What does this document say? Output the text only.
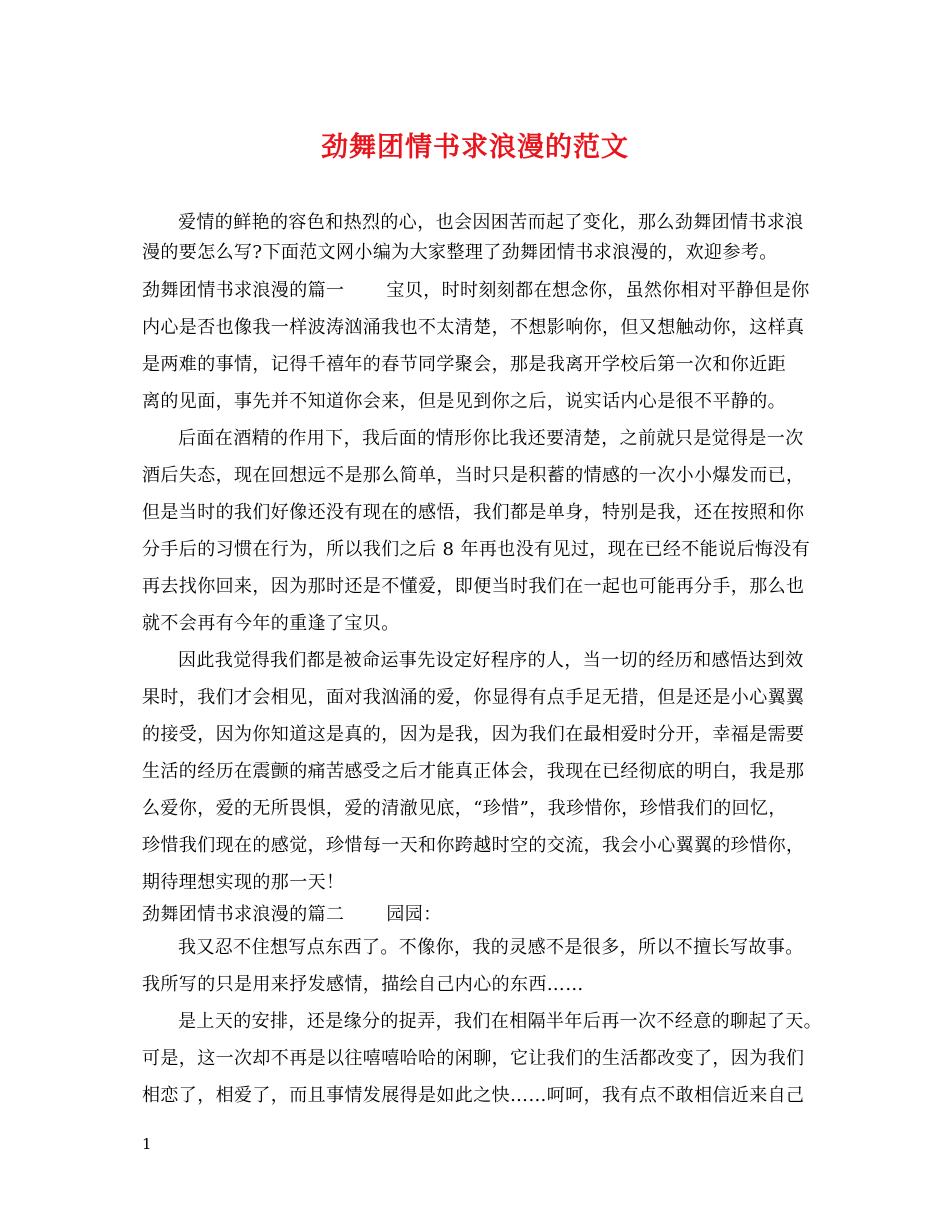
劲舞团情书求浪漫的范文
爱情的鲜艳的容色和热烈的心，也会因困苦而起了变化，那么劲舞团情书求浪
漫的要怎么写?下面范文网小编为大家整理了劲舞团情书求浪漫的，欢迎参考。
劲舞团情书求浪漫的篇一 宝贝，时时刻刻都在想念你，虽然你相对平静但是你
内心是否也像我一样波涛汹涌我也不太清楚，不想影响你，但又想触动你，这样真
是两难的事情，记得千禧年的春节同学聚会，那是我离开学校后第一次和你近距
离的见面，事先并不知道你会来，但是见到你之后，说实话内心是很不平静的。
后面在酒精的作用下，我后面的情形你比我还要清楚，之前就只是觉得是一次
酒后失态，现在回想远不是那么简单，当时只是积蓄的情感的一次小小爆发而已，
但是当时的我们好像还没有现在的感悟，我们都是单身，特别是我，还在按照和你
分手后的习惯在行为，所以我们之后 8 年再也没有见过，现在已经不能说后悔没有
再去找你回来，因为那时还是不懂爱，即便当时我们在一起也可能再分手，那么也
就不会再有今年的重逢了宝贝。
因此我觉得我们都是被命运事先设定好程序的人，当一切的经历和感悟达到效
果时，我们才会相见，面对我汹涌的爱，你显得有点手足无措，但是还是小心翼翼
的接受，因为你知道这是真的，因为是我，因为我们在最相爱时分开，幸福是需要
生活的经历在震颤的痛苦感受之后才能真正体会，我现在已经彻底的明白，我是那
么爱你，爱的无所畏惧，爱的清澈见底，“珍惜”，我珍惜你，珍惜我们的回忆，
珍惜我们现在的感觉，珍惜每一天和你跨越时空的交流，我会小心翼翼的珍惜你，
期待理想实现的那一天！
劲舞团情书求浪漫的篇二 园园：
我又忍不住想写点东西了。不像你，我的灵感不是很多，所以不擅长写故事。
我所写的只是用来抒发感情，描绘自己内心的东西……
是上天的安排，还是缘分的捉弄，我们在相隔半年后再一次不经意的聊起了天。
可是，这一次却不再是以往嘻嘻哈哈的闲聊，它让我们的生活都改变了，因为我们
相恋了，相爱了，而且事情发展得是如此之快……呵呵，我有点不敢相信近来自己
1
